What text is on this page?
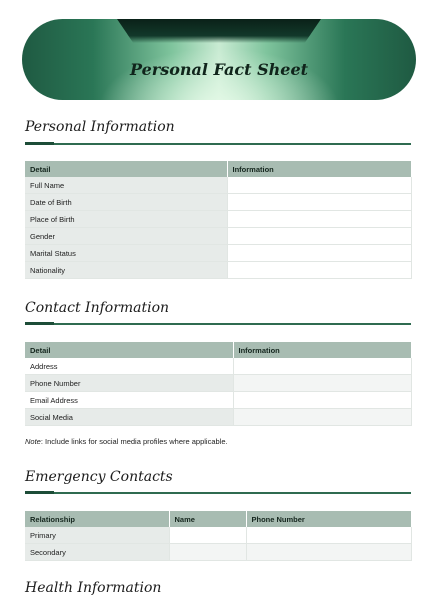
Personal Fact Sheet
Personal Information
Detail	Information
Full Name	
Date of Birth	
Place of Birth	
Gender	
Marital Status	
Nationality	
Contact Information
Detail	Information
Address	
Phone Number	
Email Address	
Social Media	

Note: Include links for social media profiles where applicable.

Emergency Contacts
Relationship	Name	Phone Number
Primary		
Secondary		
Health Information
